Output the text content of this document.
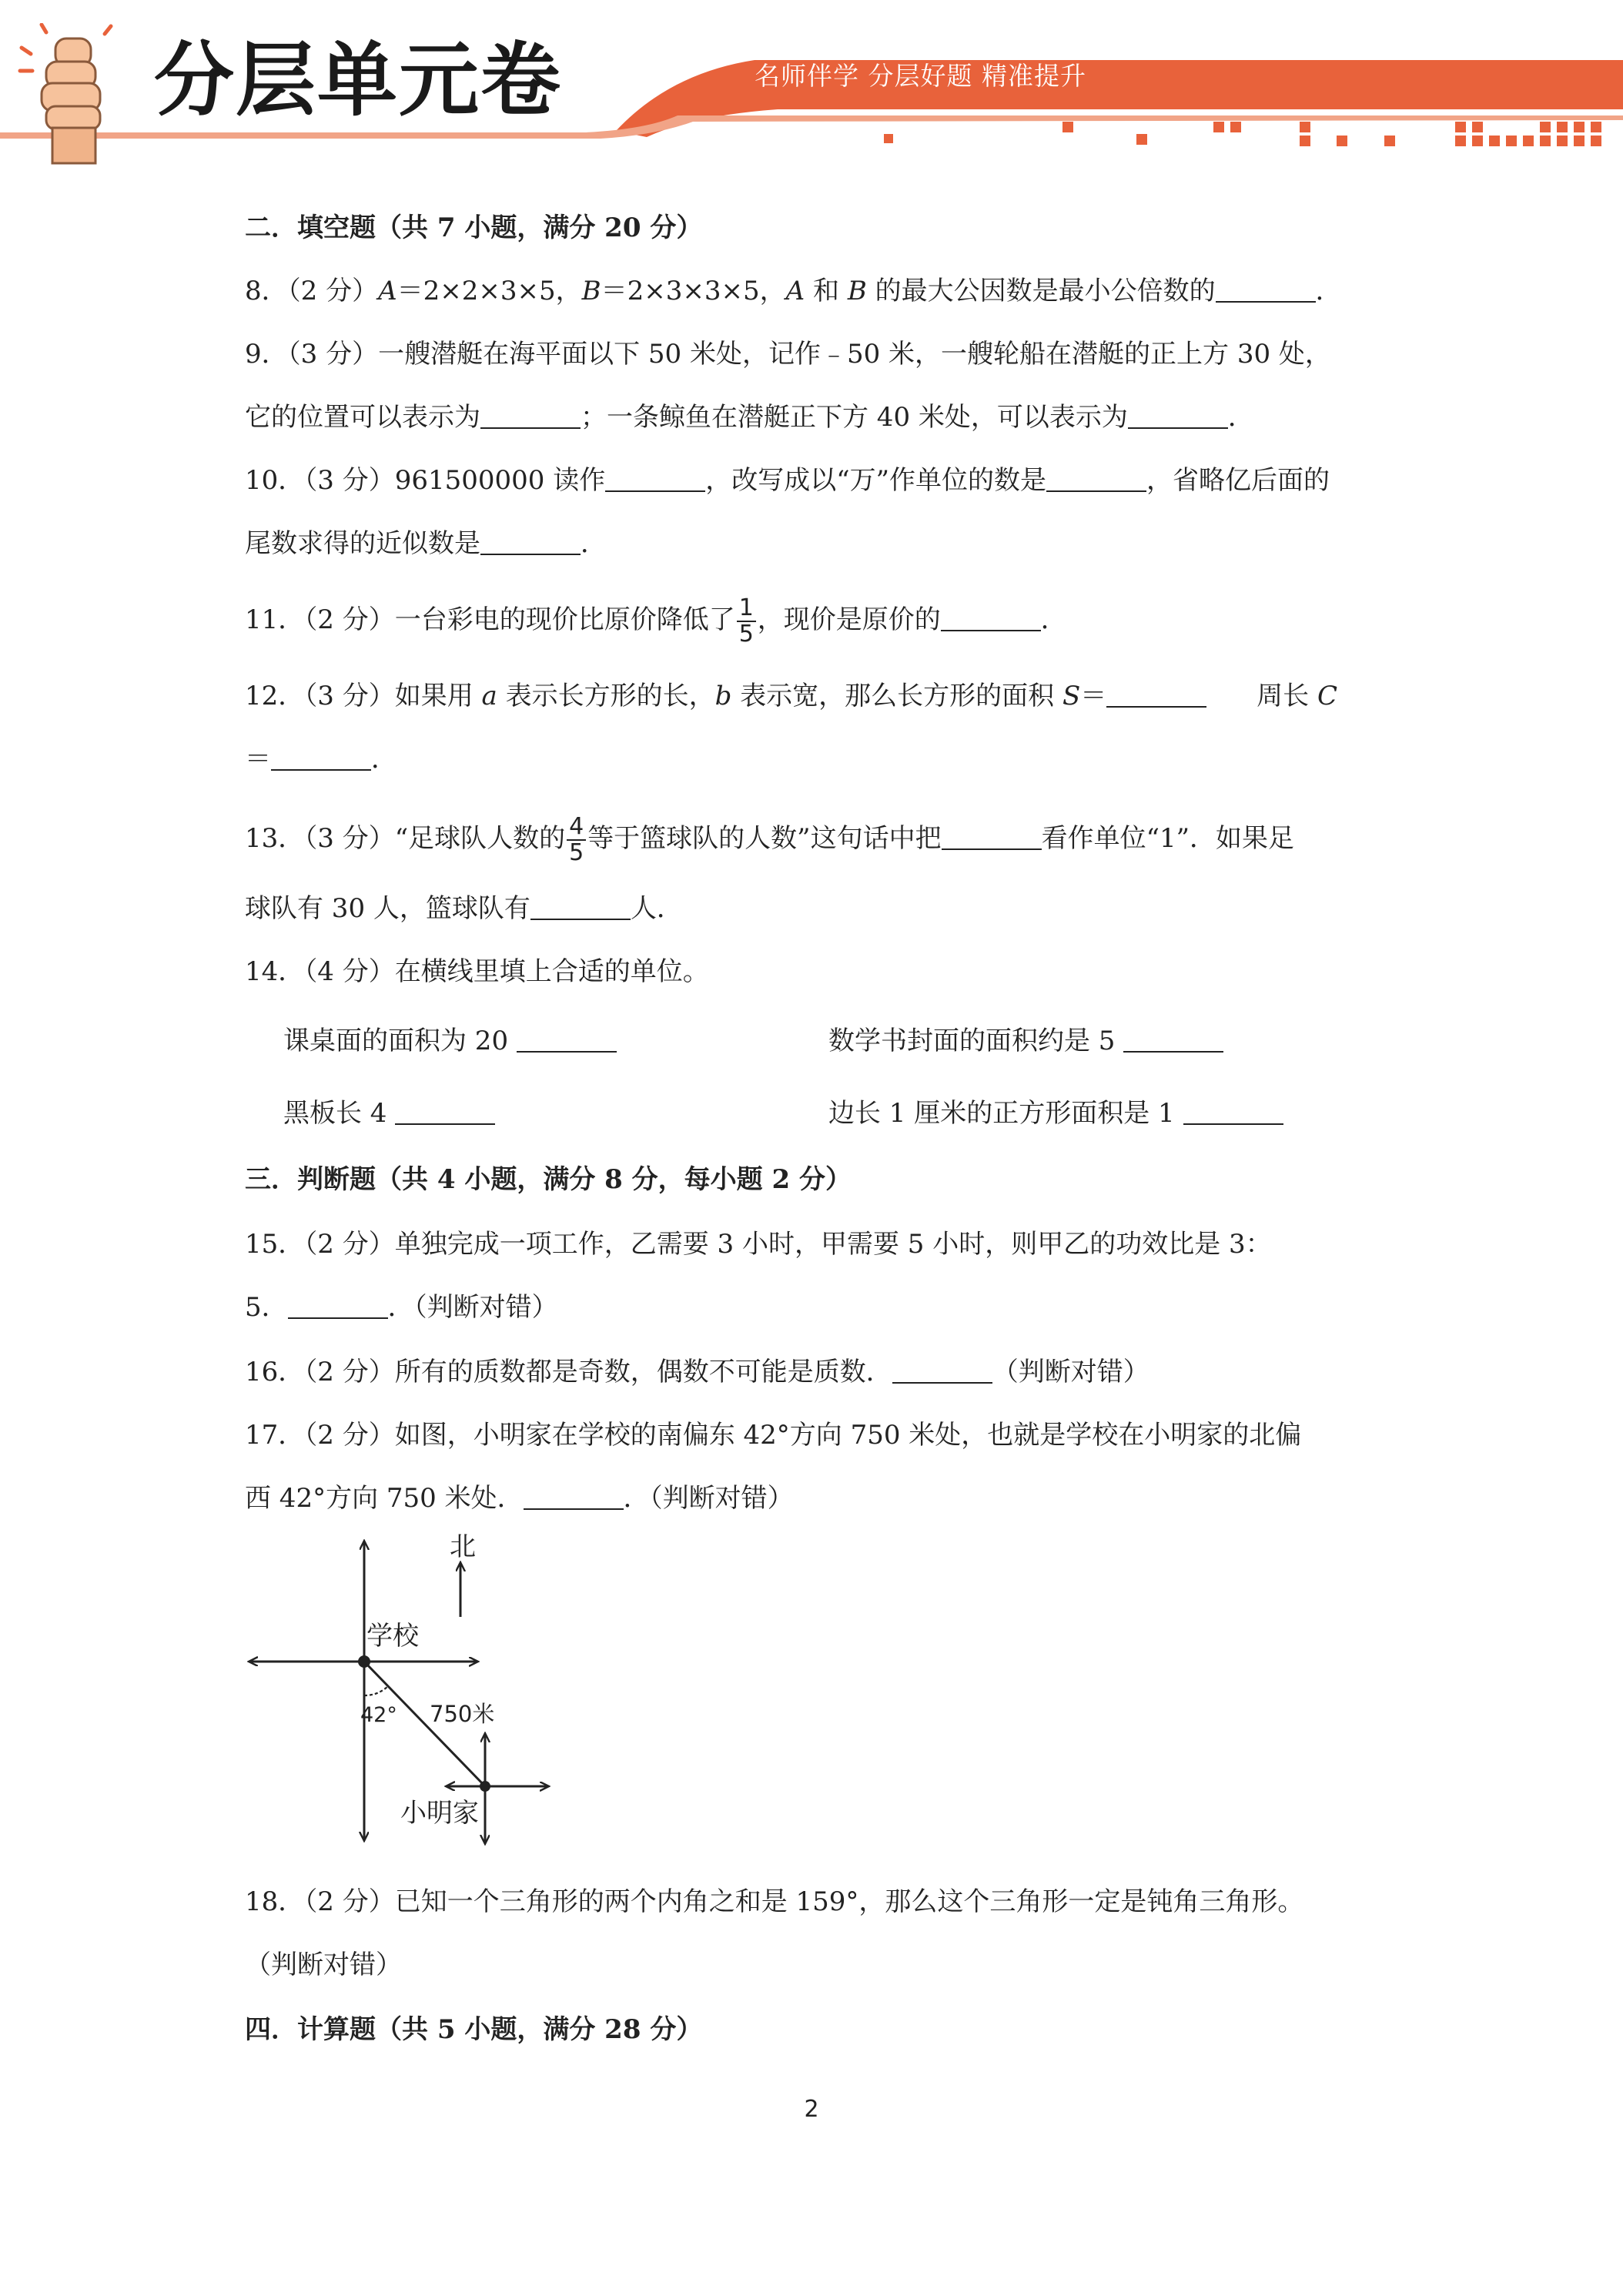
分层单元卷	名师伴学 分层好题 精准提升
二．填空题（共 7 小题，满分 20 分）
8．（2 分）A＝2×2×3×5，B＝2×3×3×5，A 和 B 的最大公因数是最小公倍数的	．
9．（3 分）一艘潜艇在海平面以下 50 米处，记作﹣50 米，一艘轮船在潜艇的正上方 30 处，
它的位置可以表示为	；一条鲸鱼在潜艇正下方 40 米处，可以表示为	．
10．（3 分）961500000 读作	，改写成以“万”作单位的数是	，省略亿后面的
尾数求得的近似数是	．
11．（2 分）一台彩电的现价比原价降低了 $\frac{1}{5}$ ，现价是原价的	．
12．（3 分）如果用 a 表示长方形的长，b 表示宽，那么长方形的面积 S＝	周长 C
＝	．
13．（3 分）“足球队人数的 $\frac{4}{5}$ 等于篮球队的人数”这句话中把	看作单位“1”．如果足
球队有 30 人，篮球队有	人．
14．（4 分）在横线里填上合适的单位。
课桌面的面积为 20	数学书封面的面积约是 5
黑板长 4	边长 1 厘米的正方形面积是 1
三．判断题（共 4 小题，满分 8 分，每小题 2 分）
15．（2 分）单独完成一项工作，乙需要 3 小时，甲需要 5 小时，则甲乙的功效比是 3：
5．	．（判断对错）
16．（2 分）所有的质数都是奇数，偶数不可能是质数．	（判断对错）
17．（2 分）如图，小明家在学校的南偏东 42°方向 750 米处，也就是学校在小明家的北偏
西 42°方向 750 米处．	．（判断对错）
北
学校
42° 750米
小明家
18．（2 分）已知一个三角形的两个内角之和是 159°，那么这个三角形一定是钝角三角形。
（判断对错）
四．计算题（共 5 小题，满分 28 分）
2
